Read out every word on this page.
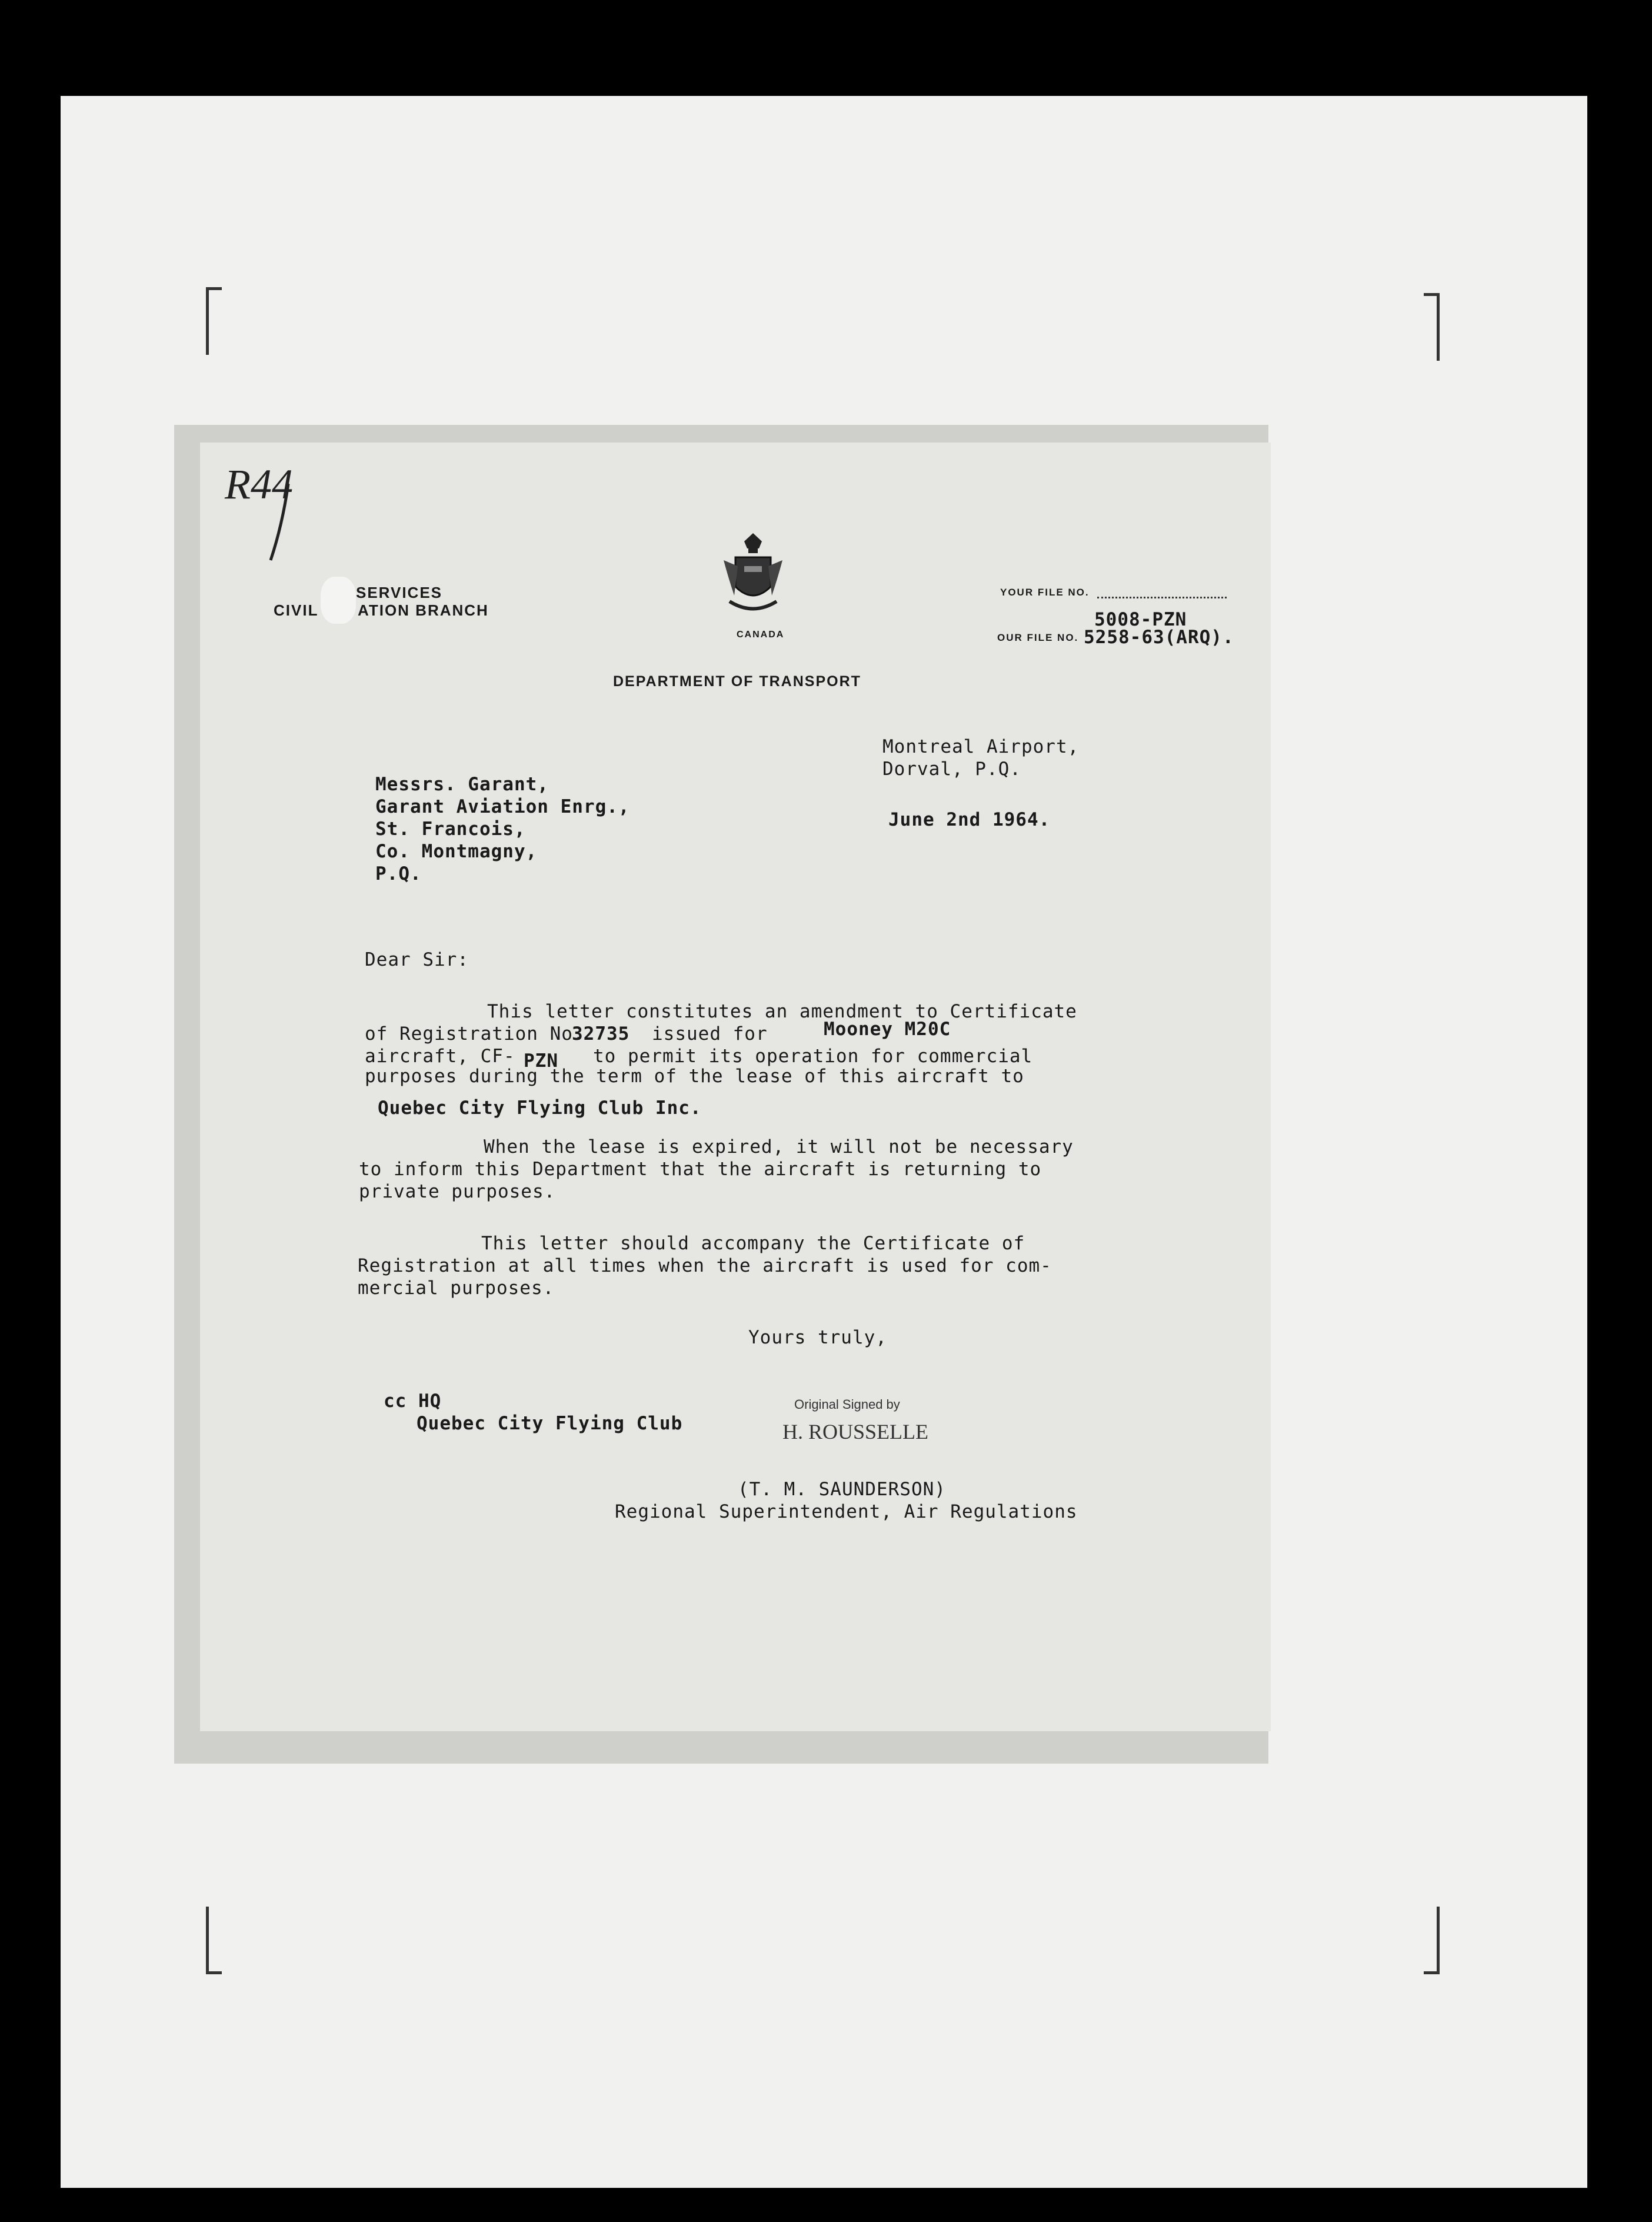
R44
SERVICES
CIVIL	ATION BRANCH
CANADA
DEPARTMENT OF TRANSPORT
YOUR FILE NO.
5008-PZN
OUR FILE NO. 5258-63(ARQ).
Montreal Airport,
Dorval, P.Q.
June 2nd 1964.
Messrs. Garant,
Garant Aviation Enrg.,
St. Francois,
Co. Montmagny,
P.Q.
Dear Sir:
This letter constitutes an amendment to Certificate
of Registration No.
32735 issued for	Mooney M20C
aircraft, CF- PZN to permit its operation for commercial
purposes during the term of the lease of this aircraft to
Quebec City Flying Club Inc.
When the lease is expired, it will not be necessary
to inform this Department that the aircraft is returning to
private purposes.
This letter should accompany the Certificate of
Registration at all times when the aircraft is used for com-
mercial purposes.
Yours truly,
cc HQ
Quebec City Flying Club
Original Signed by
H. ROUSSELLE
(T. M. SAUNDERSON)
Regional Superintendent, Air Regulations
